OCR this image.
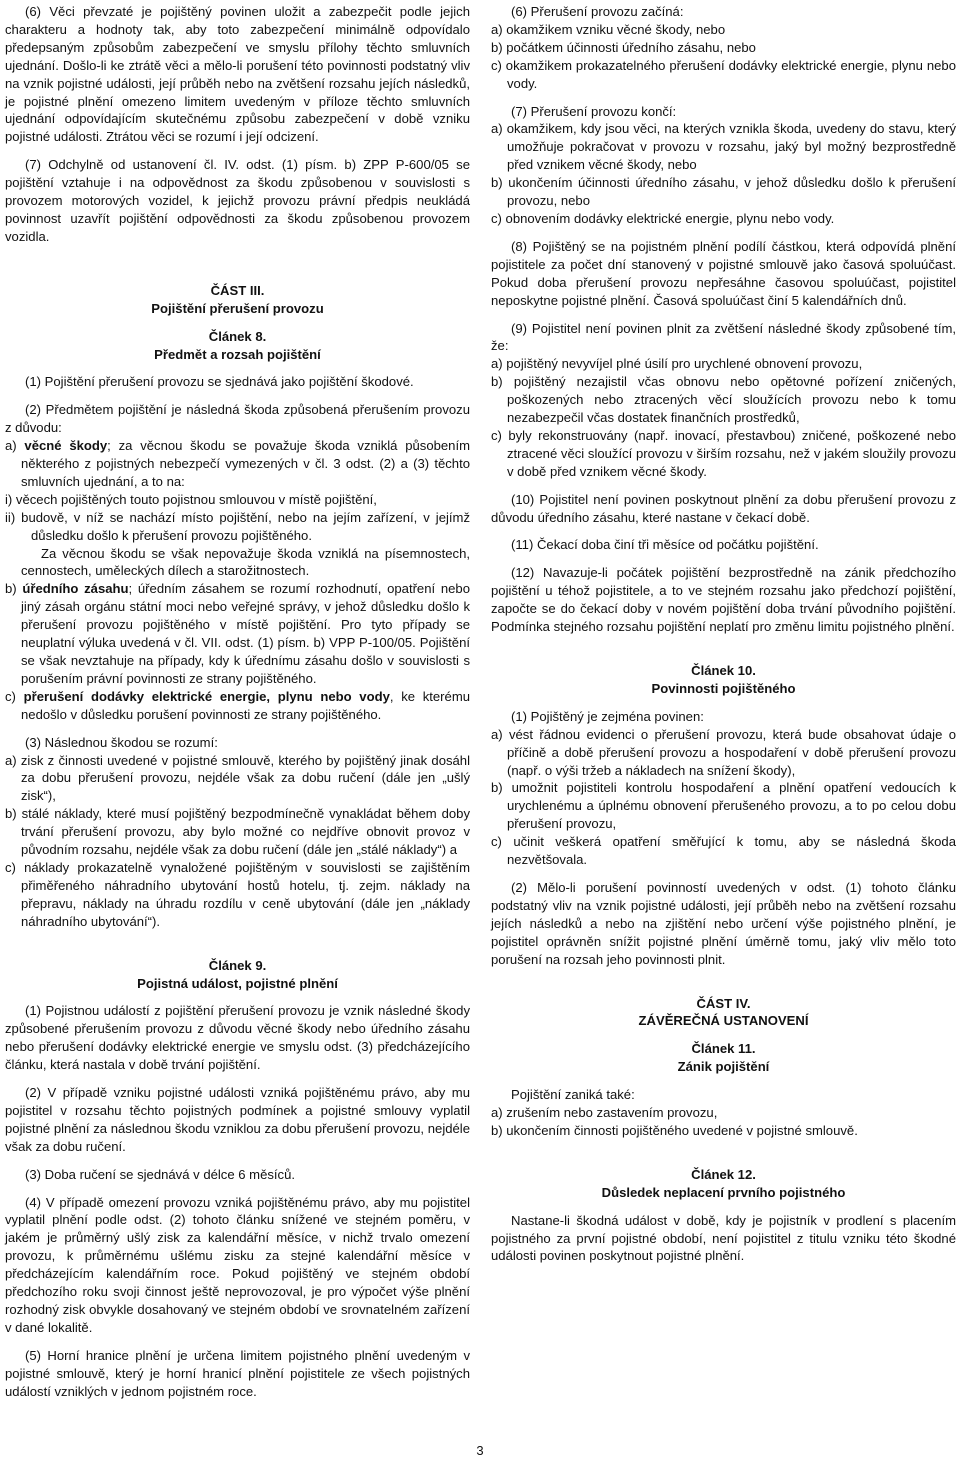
(6) Věci převzaté je pojištěný povinen uložit a zabezpečit podle jejich charakteru a hodnoty tak, aby toto zabezpečení minimálně odpovídalo předepsaným způsobům zabezpečení ve smyslu přílohy těchto smluvních ujednání. Došlo-li ke ztrátě věci a mělo-li porušení této povinnosti podstatný vliv na vznik pojistné události, její průběh nebo na zvětšení rozsahu jejích následků, je pojistné plnění omezeno limitem uvedeným v příloze těchto smluvních ujednání odpovídajícím skutečnému způsobu zabezpečení v době vzniku pojistné události. Ztrátou věci se rozumí i její odcizení.

(7) Odchylně od ustanovení čl. IV. odst. (1) písm. b) ZPP P-600/05 se pojištění vztahuje i na odpovědnost za škodu způsobenou v souvislosti s provozem motorových vozidel, k jejichž provozu právní předpis neukládá povinnost uzavřít pojištění odpovědnosti za škodu způsobenou provozem vozidla.

ČÁST III.

Pojištění přerušení provozu

Článek 8.

Předmět a rozsah pojištění

(1) Pojištění přerušení provozu se sjednává jako pojištění škodové.

(2) Předmětem pojištění je následná škoda způsobená přerušením provozu z důvodu:

a) věcné škody; za věcnou škodu se považuje škoda vzniklá působením některého z pojistných nebezpečí vymezených v čl. 3 odst. (2) a (3) těchto smluvních ujednání, a to na:

i) věcech pojištěných touto pojistnou smlouvou v místě pojištění,

ii) budově, v níž se nachází místo pojištění, nebo na jejím zařízení, v jejímž důsledku došlo k přerušení provozu pojištěného.

Za věcnou škodu se však nepovažuje škoda vzniklá na písemnostech, cennostech, uměleckých dílech a starožitnostech.

b) úředního zásahu; úředním zásahem se rozumí rozhodnutí, opatření nebo jiný zásah orgánu státní moci nebo veřejné správy, v jehož důsledku došlo k přerušení provozu pojištěného v místě pojištění. Pro tyto případy se neuplatní výluka uvedená v čl. VII. odst. (1) písm. b) VPP P-100/05. Pojištění se však nevztahuje na případy, kdy k úřednímu zásahu došlo v souvislosti s porušením právní povinnosti ze strany pojištěného.

c) přerušení dodávky elektrické energie, plynu nebo vody, ke kterému nedošlo v důsledku porušení povinnosti ze strany pojištěného.

(3) Následnou škodou se rozumí:

a) zisk z činnosti uvedené v pojistné smlouvě, kterého by pojištěný jinak dosáhl za dobu přerušení provozu, nejdéle však za dobu ručení (dále jen „ušlý zisk“),

b) stálé náklady, které musí pojištěný bezpodmínečně vynakládat během doby trvání přerušení provozu, aby bylo možné co nejdříve obnovit provoz v původním rozsahu, nejdéle však za dobu ručení (dále jen „stálé náklady“) a

c) náklady prokazatelně vynaložené pojištěným v souvislosti se zajištěním přiměřeného náhradního ubytování hostů hotelu, tj. zejm. náklady na přepravu, náklady na úhradu rozdílu v ceně ubytování (dále jen „náklady náhradního ubytování“).

Článek 9.

Pojistná událost, pojistné plnění

(1) Pojistnou událostí z pojištění přerušení provozu je vznik následné škody způsobené přerušením provozu z důvodu věcné škody nebo úředního zásahu nebo přerušení dodávky elektrické energie ve smyslu odst. (3) předcházejícího článku, která nastala v době trvání pojištění.

(2) V případě vzniku pojistné události vzniká pojištěnému právo, aby mu pojistitel v rozsahu těchto pojistných podmínek a pojistné smlouvy vyplatil pojistné plnění za následnou škodu vzniklou za dobu přerušení provozu, nejdéle však za dobu ručení.

(3) Doba ručení se sjednává v délce 6 měsíců.

(4) V případě omezení provozu vzniká pojištěnému právo, aby mu pojistitel vyplatil plnění podle odst. (2) tohoto článku snížené ve stejném poměru, v jakém je průměrný ušlý zisk za kalendářní měsíce, v nichž trvalo omezení provozu, k průměrnému ušlému zisku za stejné kalendářní měsíce v předcházejícím kalendářním roce. Pokud pojištěný ve stejném období předchozího roku svoji činnost ještě neprovozoval, je pro výpočet výše plnění rozhodný zisk obvykle dosahovaný ve stejném období ve srovnatelném zařízení v dané lokalitě.

(5) Horní hranice plnění je určena limitem pojistného plnění uvedeným v pojistné smlouvě, který je horní hranicí plnění pojistitele ze všech pojistných událostí vzniklých v jednom pojistném roce.

(6) Přerušení provozu začíná:

a) okamžikem vzniku věcné škody, nebo

b) počátkem účinnosti úředního zásahu, nebo

c) okamžikem prokazatelného přerušení dodávky elektrické energie, plynu nebo vody.

(7) Přerušení provozu končí:

a) okamžikem, kdy jsou věci, na kterých vznikla škoda, uvedeny do stavu, který umožňuje pokračovat v provozu v rozsahu, jaký byl možný bezprostředně před vznikem věcné škody, nebo

b) ukončením účinnosti úředního zásahu, v jehož důsledku došlo k přerušení provozu, nebo

c) obnovením dodávky elektrické energie, plynu nebo vody.

(8) Pojištěný se na pojistném plnění podílí částkou, která odpovídá plnění pojistitele za počet dní stanovený v pojistné smlouvě jako časová spoluúčast. Pokud doba přerušení provozu nepřesáhne časovou spoluúčast, pojistitel neposkytne pojistné plnění. Časová spoluúčast činí 5 kalendářních dnů.

(9) Pojistitel není povinen plnit za zvětšení následné škody způsobené tím, že:

a) pojištěný nevyvíjel plné úsilí pro urychlené obnovení provozu,

b) pojištěný nezajistil včas obnovu nebo opětovné pořízení zničených, poškozených nebo ztracených věcí sloužících provozu nebo k tomu nezabezpečil včas dostatek finančních prostředků,

c) byly rekonstruovány (např. inovací, přestavbou) zničené, poškozené nebo ztracené věci sloužící provozu v širším rozsahu, než v jakém sloužily provozu v době před vznikem věcné škody.

(10) Pojistitel není povinen poskytnout plnění za dobu přerušení provozu z důvodu úředního zásahu, které nastane v čekací době.

(11) Čekací doba činí tři měsíce od počátku pojištění.

(12) Navazuje-li počátek pojištění bezprostředně na zánik předchozího pojištění u téhož pojistitele, a to ve stejném rozsahu jako předchozí pojištění, započte se do čekací doby v novém pojištění doba trvání původního pojištění. Podmínka stejného rozsahu pojištění neplatí pro změnu limitu pojistného plnění.

Článek 10.

Povinnosti pojištěného

(1) Pojištěný je zejména povinen:

a) vést řádnou evidenci o přerušení provozu, která bude obsahovat údaje o příčině a době přerušení provozu a hospodaření v době přerušení provozu (např. o výši tržeb a nákladech na snížení škody),

b) umožnit pojistiteli kontrolu hospodaření a plnění opatření vedoucích k urychlenému a úplnému obnovení přerušeného provozu, a to po celou dobu přerušení provozu,

c) učinit veškerá opatření směřující k tomu, aby se následná škoda nezvětšovala.

(2) Mělo-li porušení povinností uvedených v odst. (1) tohoto článku podstatný vliv na vznik pojistné události, její průběh nebo na zvětšení rozsahu jejích následků a nebo na zjištění nebo určení výše pojistného plnění, je pojistitel oprávněn snížit pojistné plnění úměrně tomu, jaký vliv mělo toto porušení na rozsah jeho povinnosti plnit.

ČÁST IV.

ZÁVĚREČNÁ USTANOVENÍ

Článek 11.

Zánik pojištění

Pojištění zaniká také:

a) zrušením nebo zastavením provozu,

b) ukončením činnosti pojištěného uvedené v pojistné smlouvě.

Článek 12.

Důsledek neplacení prvního pojistného

Nastane-li škodná událost v době, kdy je pojistník v prodlení s placením pojistného za první pojistné období, není pojistitel z titulu vzniku této škodné události povinen poskytnout pojistné plnění.

3
